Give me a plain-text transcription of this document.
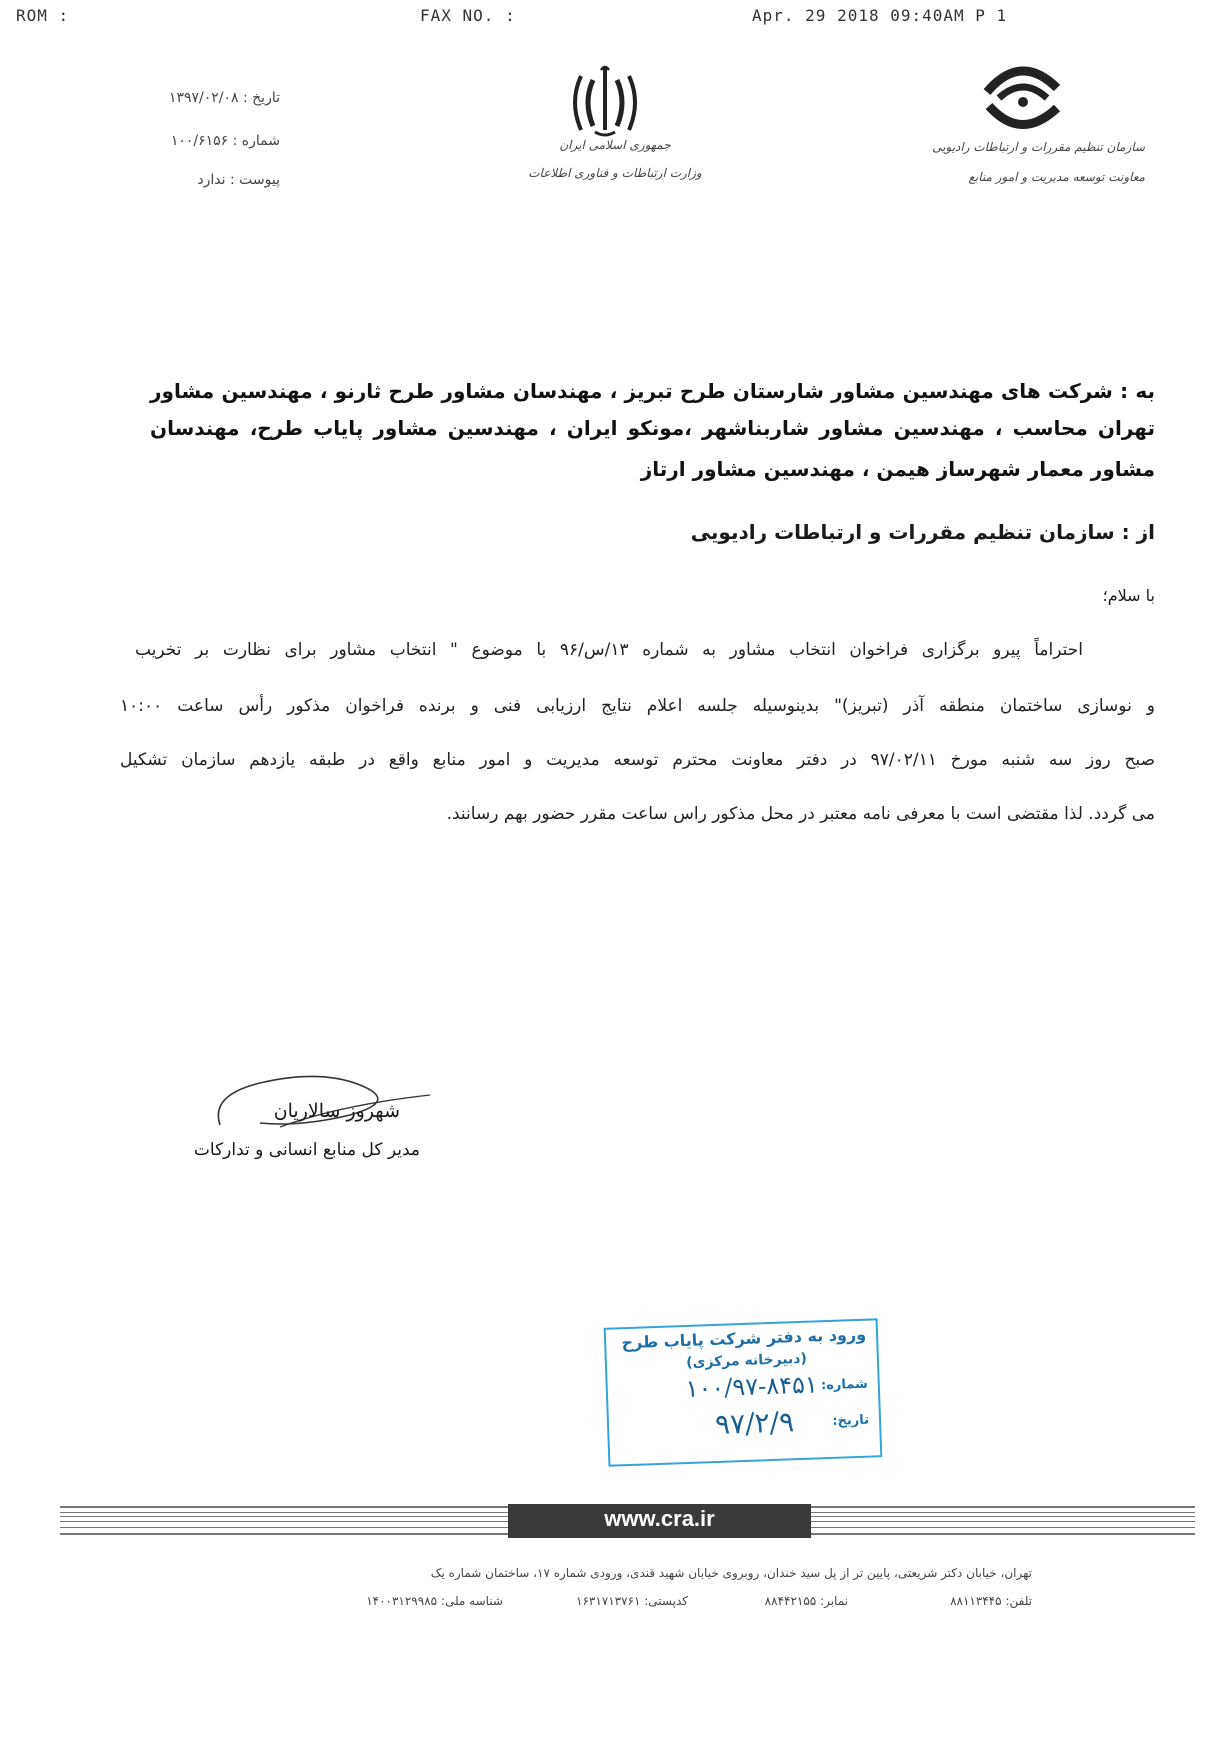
ROM :	FAX NO. :	Apr. 29 2018 09:40AM P 1
تاریخ : ۱۳۹۷/۰۲/۰۸
شماره : ۱۰۰/۶۱۵۶
پیوست : ندارد
جمهوری اسلامی ایران
وزارت ارتباطات و فناوری اطلاعات
سازمان تنظیم مقررات و ارتباطات رادیویی
معاونت توسعه مدیریت و امور منابع
به : شرکت های مهندسین مشاور شارستان طرح تبریز ، مهندسان مشاور طرح ثارنو ، مهندسین مشاور
تهران محاسب ، مهندسین مشاور شاربناشهر ،مونکو ایران ، مهندسین مشاور پایاب طرح، مهندسان
مشاور معمار شهرساز هیمن ، مهندسین مشاور ارتاز
از : سازمان تنظیم مقررات و ارتباطات رادیویی
با سلام؛
احتراماً پیرو برگزاری فراخوان انتخاب مشاور به شماره ۱۳/س/۹۶ با موضوع " انتخاب مشاور برای نظارت بر تخریب
و نوسازی ساختمان منطقه آذر (تبریز)" بدینوسیله جلسه اعلام نتایج ارزیابی فنی و برنده فراخوان مذکور رأس ساعت ۱۰:۰۰
صبح روز سه شنبه مورخ ۹۷/۰۲/۱۱ در دفتر معاونت محترم توسعه مدیریت و امور منابع واقع در طبقه یازدهم سازمان تشکیل
می گردد. لذا مقتضی است با معرفی نامه معتبر در محل مذکور راس ساعت مقرر حضور بهم رسانند.
شهروز سالاریان
مدیر کل منابع انسانی و تدارکات
ورود به دفتر شرکت پایاب طرح
(دبیرخانه مرکزی)
شماره:
۱۰۰/۹۷-۸۴۵۱
تاریخ:
۹۷/۲/۹
www.cra.ir
تهران، خیابان دکتر شریعتی، پایین تر از پل سید خندان، روبروی خیابان شهید قندی، ورودی شماره ۱۷، ساختمان شماره یک
تلفن: ۸۸۱۱۳۴۴۵
نمابر: ۸۸۴۴۲۱۵۵
کدپستی: ۱۶۳۱۷۱۳۷۶۱
شناسه ملی: ۱۴۰۰۳۱۲۹۹۸۵
